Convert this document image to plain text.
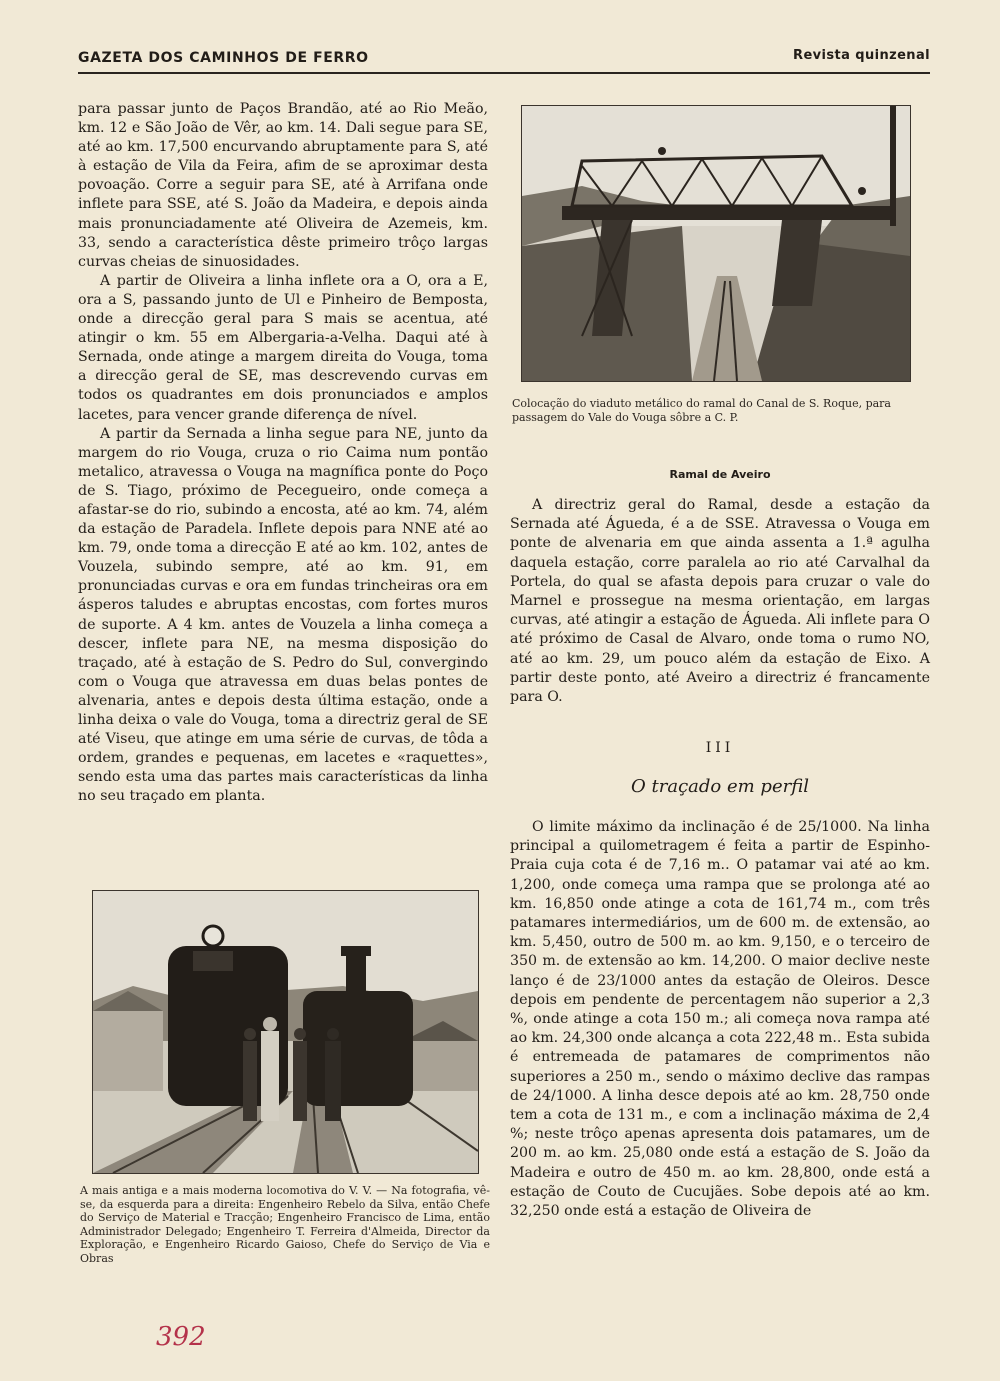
GAZETA DOS CAMINHOS DE FERRO	Revista quinzenal

para passar junto de Paços Brandão, até ao Rio Meão, km. 12 e São João de Vêr, ao km. 14. Dali segue para SE, até ao km. 17,500 encurvando abruptamente para S, até à estação de Vila da Feira, afim de se aproximar desta povoação. Corre a seguir para SE, até à Arrifana onde inflete para SSE, até S. João da Madeira, e depois ainda mais pronunciadamente até Oliveira de Azemeis, km. 33, sendo a característica dêste primeiro trôço largas curvas cheias de sinuosidades.

A partir de Oliveira a linha inflete ora a O, ora a E, ora a S, passando junto de Ul e Pinheiro de Bemposta, onde a direcção geral para S mais se acentua, até atingir o km. 55 em Albergaria-a-Velha. Daqui até à Sernada, onde atinge a margem direita do Vouga, toma a direcção geral de SE, mas descrevendo curvas em todos os quadrantes em dois pronunciados e amplos lacetes, para vencer grande diferença de nível.

A partir da Sernada a linha segue para NE, junto da margem do rio Vouga, cruza o rio Caima num pontão metalico, atravessa o Vouga na magnífica ponte do Poço de S. Tiago, próximo de Pecegueiro, onde começa a afastar-se do rio, subindo a encosta, até ao km. 74, além da estação de Paradela. Inflete depois para NNE até ao km. 79, onde toma a direcção E até ao km. 102, antes de Vouzela, subindo sempre, até ao km. 91, em pronunciadas curvas e ora em fundas trincheiras ora em ásperos taludes e abruptas encostas, com fortes muros de suporte. A 4 km. antes de Vouzela a linha começa a descer, inflete para NE, na mesma disposição do traçado, até à estação de S. Pedro do Sul, convergindo com o Vouga que atravessa em duas belas pontes de alvenaria, antes e depois desta última estação, onde a linha deixa o vale do Vouga, toma a directriz geral de SE até Viseu, que atinge em uma série de curvas, de tôda a ordem, grandes e pequenas, em lacetes e «raquettes», sendo esta uma das partes mais características da linha no seu traçado em planta.

Colocação do viaduto metálico do ramal do Canal de S. Roque, para passagem do Vale do Vouga sôbre a C. P.
A mais antiga e a mais moderna locomotiva do V. V. — Na fotografia, vê-se, da esquerda para a direita: Engenheiro Rebelo da Silva, então Chefe do Serviço de Material e Tracção; Engenheiro Francisco de Lima, então Administrador Delegado; Engenheiro T. Ferreira d'Almeida, Director da Exploração, e Engenheiro Ricardo Gaioso, Chefe do Serviço de Via e Obras
Ramal de Aveiro

A directriz geral do Ramal, desde a estação da Sernada até Águeda, é a de SSE. Atravessa o Vouga em ponte de alvenaria em que ainda assenta a 1.ª agulha daquela estação, corre paralela ao rio até Carvalhal da Portela, do qual se afasta depois para cruzar o vale do Marnel e prossegue na mesma orientação, em largas curvas, até atingir a estação de Águeda. Ali inflete para O até próximo de Casal de Alvaro, onde toma o rumo NO, até ao km. 29, um pouco além da estação de Eixo. A partir deste ponto, até Aveiro a directriz é francamente para O.

III
O traçado em perfil

O limite máximo da inclinação é de 25/1000. Na linha principal a quilometragem é feita a partir de Espinho-Praia cuja cota é de 7,16 m.. O patamar vai até ao km. 1,200, onde começa uma rampa que se prolonga até ao km. 16,850 onde atinge a cota de 161,74 m., com três patamares intermediários, um de 600 m. de extensão, ao km. 5,450, outro de 500 m. ao km. 9,150, e o terceiro de 350 m. de extensão ao km. 14,200. O maior declive neste lanço é de 23/1000 antes da estação de Oleiros. Desce depois em pendente de percentagem não superior a 2,3 %, onde atinge a cota 150 m.; ali começa nova rampa até ao km. 24,300 onde alcança a cota 222,48 m.. Esta subida é entremeada de patamares de comprimentos não superiores a 250 m., sendo o máximo declive das rampas de 24/1000. A linha desce depois até ao km. 28,750 onde tem a cota de 131 m., e com a inclinação máxima de 2,4 %; neste trôço apenas apresenta dois patamares, um de 200 m. ao km. 25,080 onde está a estação de S. João da Madeira e outro de 450 m. ao km. 28,800, onde está a estação de Couto de Cucujães. Sobe depois até ao km. 32,250 onde está a estação de Oliveira de

392
